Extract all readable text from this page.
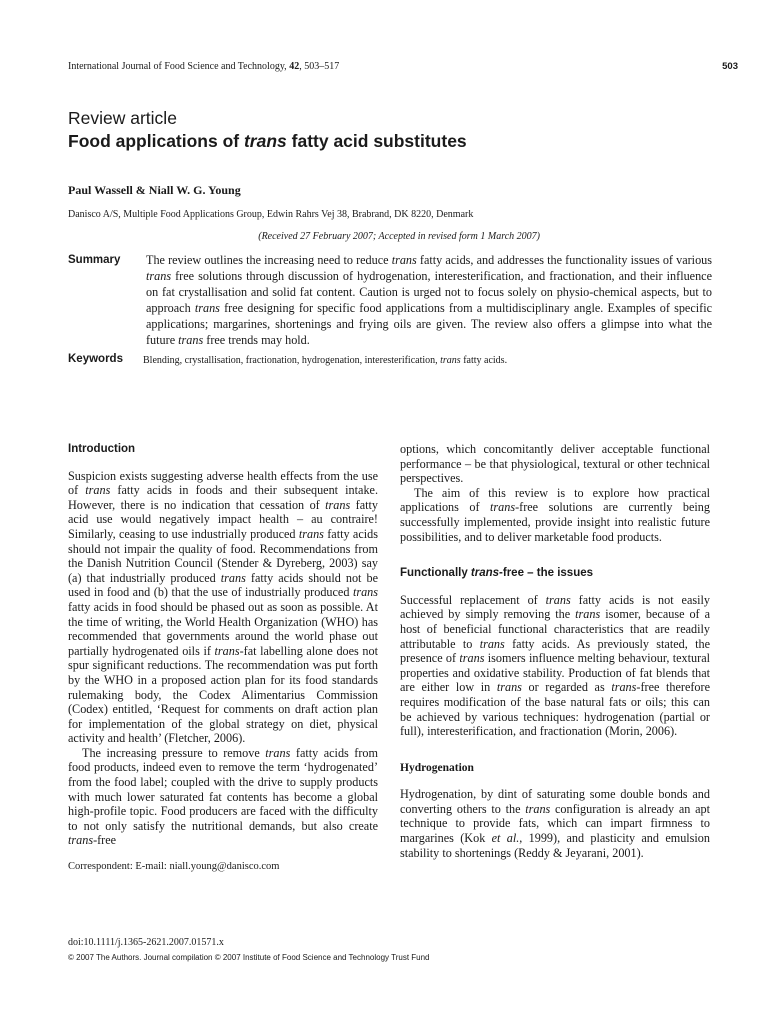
International Journal of Food Science and Technology, 42, 503–517	503
Review article
Food applications of trans fatty acid substitutes
Paul Wassell & Niall W. G. Young
Danisco A/S, Multiple Food Applications Group, Edwin Rahrs Vej 38, Brabrand, DK 8220, Denmark
(Received 27 February 2007; Accepted in revised form 1 March 2007)
Summary The review outlines the increasing need to reduce trans fatty acids, and addresses the functionality issues of various trans free solutions through discussion of hydrogenation, interesterification, and fractionation, and their influence on fat crystallisation and solid fat content. Caution is urged not to focus solely on physio-chemical aspects, but to approach trans free designing for specific food applications from a multidisciplinary angle. Examples of specific applications; margarines, shortenings and frying oils are given. The review also offers a glimpse into what the future trans free trends may hold.

Keywords Blending, crystallisation, fractionation, hydrogenation, interesterification, trans fatty acids.
Introduction

Suspicion exists suggesting adverse health effects from the use of trans fatty acids in foods and their subsequent intake. However, there is no indication that cessation of trans fatty acid use would negatively impact health – au contraire! Similarly, ceasing to use industrially produced trans fatty acids should not impair the quality of food. Recommendations from the Danish Nutrition Council (Stender & Dyreberg, 2003) say (a) that industrially produced trans fatty acids should not be used in food and (b) that the use of industrially produced trans fatty acids in food should be phased out as soon as possible. At the time of writing, the World Health Organization (WHO) has recommended that governments around the world phase out partially hydrogenated oils if trans-fat labelling alone does not spur significant reductions. The recommendation was put forth by the WHO in a proposed action plan for its food standards rulemaking body, the Codex Alimentarius Commission (Codex) entitled, ‘Request for comments on draft action plan for implementation of the global strategy on diet, physical activity and health’ (Fletcher, 2006).

The increasing pressure to remove trans fatty acids from food products, indeed even to remove the term ‘hydrogenated’ from the food label; coupled with the drive to supply products with much lower saturated fat contents has become a global high-profile topic. Food producers are faced with the difficulty to not only satisfy the nutritional demands, but also create trans-free

options, which concomitantly deliver acceptable functional performance – be that physiological, textural or other technical perspectives.

The aim of this review is to explore how practical applications of trans-free solutions are currently being successfully implemented, provide insight into realistic future possibilities, and to deliver marketable food products.

Functionally trans-free – the issues

Successful replacement of trans fatty acids is not easily achieved by simply removing the trans isomer, because of a host of beneficial functional characteristics that are readily attributable to trans fatty acids. As previously stated, the presence of trans isomers influence melting behaviour, textural properties and oxidative stability. Production of fat blends that are either low in trans or regarded as trans-free therefore requires modification of the base natural fats or oils; this can be achieved by various techniques: hydrogenation (partial or full), interesterification, and fractionation (Morin, 2006).

Hydrogenation

Hydrogenation, by dint of saturating some double bonds and converting others to the trans configuration is already an apt technique to provide fats, which can impart firmness to margarines (Kok et al., 1999), and plasticity and emulsion stability to shortenings (Reddy & Jeyarani, 2001).

Correspondent: E-mail: niall.young@danisco.com
doi:10.1111/j.1365-2621.2007.01571.x
© 2007 The Authors. Journal compilation © 2007 Institute of Food Science and Technology Trust Fund
